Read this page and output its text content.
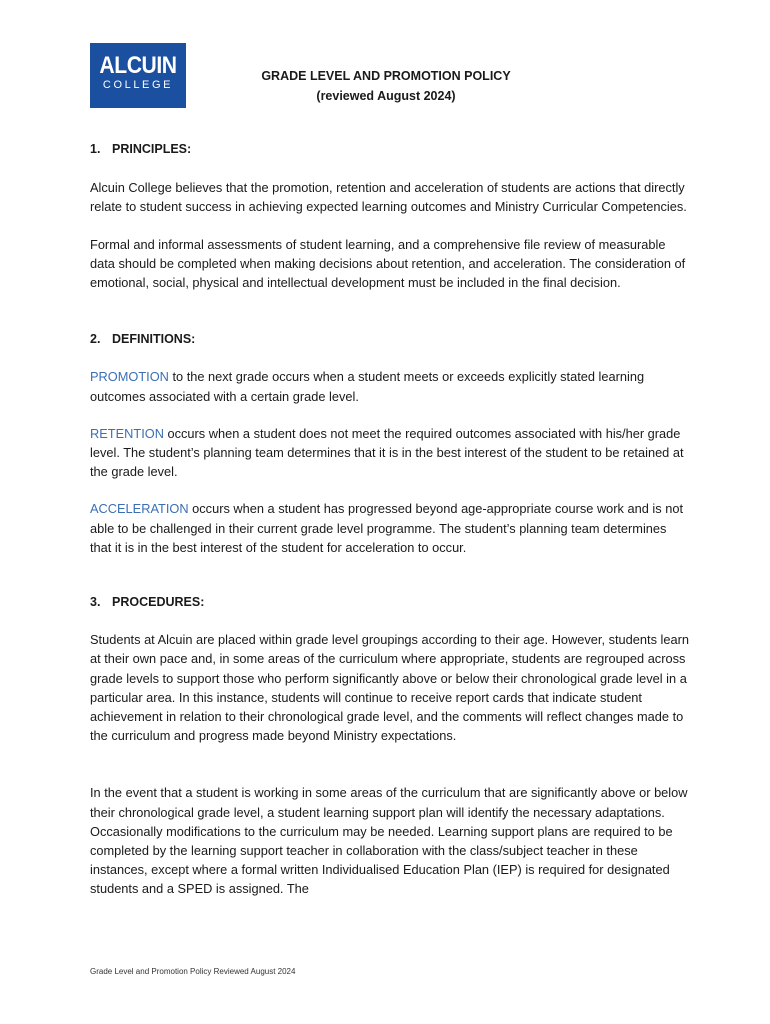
ALCUIN
COLLEGE
GRADE LEVEL AND PROMOTION POLICY
(reviewed August 2024)
1. PRINCIPLES:

Alcuin College believes that the promotion, retention and acceleration of students are actions that directly relate to student success in achieving expected learning outcomes and Ministry Curricular Competencies.

Formal and informal assessments of student learning, and a comprehensive file review of measurable data should be completed when making decisions about retention, and acceleration. The consideration of emotional, social, physical and intellectual development must be included in the final decision.

2. DEFINITIONS:

PROMOTION to the next grade occurs when a student meets or exceeds explicitly stated learning outcomes associated with a certain grade level.

RETENTION occurs when a student does not meet the required outcomes associated with his/her grade level. The student’s planning team determines that it is in the best interest of the student to be retained at the grade level.

ACCELERATION occurs when a student has progressed beyond age-appropriate course work and is not able to be challenged in their current grade level programme. The student’s planning team determines that it is in the best interest of the student for acceleration to occur.

3. PROCEDURES:

Students at Alcuin are placed within grade level groupings according to their age. However, students learn at their own pace and, in some areas of the curriculum where appropriate, students are regrouped across grade levels to support those who perform significantly above or below their chronological grade level in a particular area. In this instance, students will continue to receive report cards that indicate student achievement in relation to their chronological grade level, and the comments will reflect changes made to the curriculum and progress made beyond Ministry expectations.

In the event that a student is working in some areas of the curriculum that are significantly above or below their chronological grade level, a student learning support plan will identify the necessary adaptations. Occasionally modifications to the curriculum may be needed. Learning support plans are required to be completed by the learning support teacher in collaboration with the class/subject teacher in these instances, except where a formal written Individualised Education Plan (IEP) is required for designated students and a SPED is assigned. The

Grade Level and Promotion Policy Reviewed August 2024
